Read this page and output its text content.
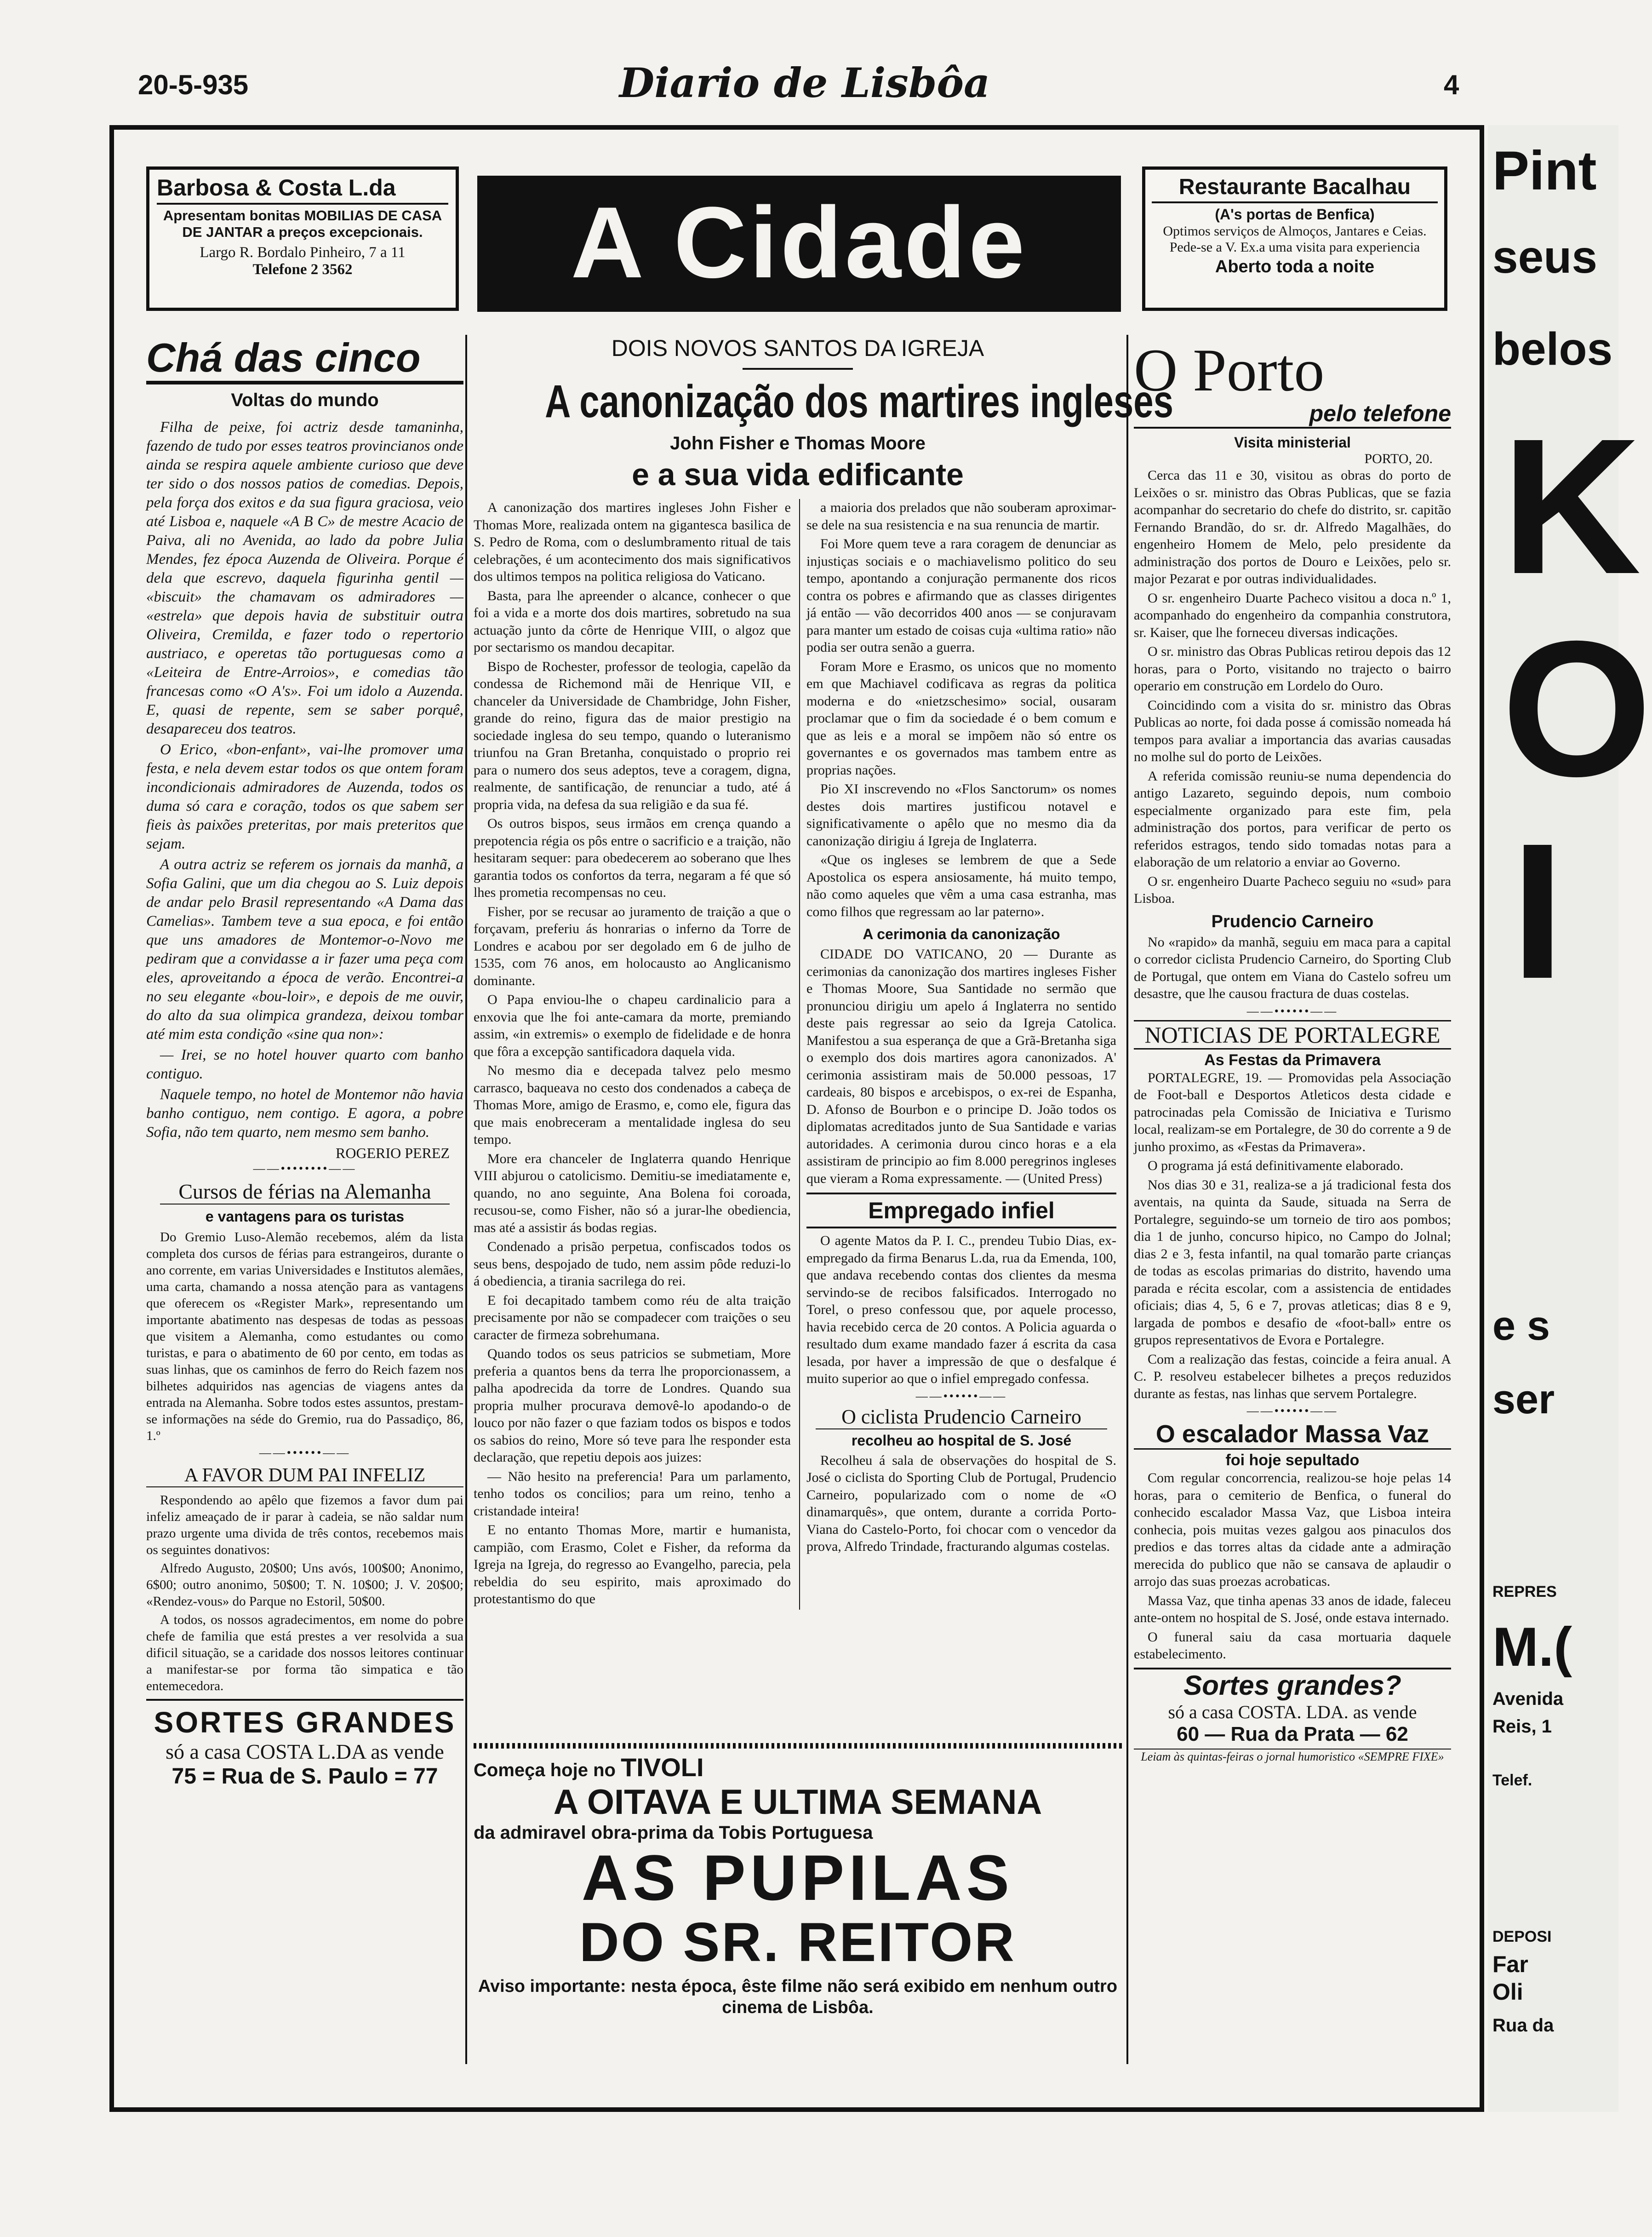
20-5-935	Diario de Lisbôa	4
Barbosa & Costa L.da
Apresentam bonitas MOBILIAS DE CASA DE JANTAR a preços excepcionais.
Largo R. Bordalo Pinheiro, 7 a 11
Telefone 2 3562	A Cidade	Restaurante Bacalhau
(A's portas de Benfica)
Optimos serviços de Almoços, Jantares e Ceias. Pede-se a V. Ex.a uma visita para experiencia
Aberto toda a noite
Chá das cinco
Voltas do mundo

Filha de peixe, foi actriz desde tamaninha, fazendo de tudo por esses teatros provincianos onde ainda se respira aquele ambiente curioso que deve ter sido o dos nossos patios de comedias. Depois, pela força dos exitos e da sua figura graciosa, veio até Lisboa e, naquele «A B C» de mestre Acacio de Paiva, ali no Avenida, ao lado da pobre Julia Mendes, fez época Auzenda de Oliveira. Porque é dela que escrevo, daquela figurinha gentil — «biscuit» the chamavam os admiradores — «estrela» que depois havia de substituir outra Oliveira, Cremilda, e fazer todo o repertorio austriaco, e operetas tão portuguesas como a «Leiteira de Entre-Arroios», e comedias tão francesas como «O A's». Foi um idolo a Auzenda. E, quasi de repente, sem se saber porquê, desapareceu dos teatros.

O Erico, «bon-enfant», vai-lhe promover uma festa, e nela devem estar todos os que ontem foram incondicionais admiradores de Auzenda, todos os duma só cara e coração, todos os que sabem ser fieis às paixões preteritas, por mais preteritos que sejam.

A outra actriz se referem os jornais da manhã, a Sofia Galini, que um dia chegou ao S. Luiz depois de andar pelo Brasil representando «A Dama das Camelias». Tambem teve a sua epoca, e foi então que uns amadores de Montemor-o-Novo me pediram que a convidasse a ir fazer uma peça com eles, aproveitando a época de verão. Encontrei-a no seu elegante «bou-loir», e depois de me ouvir, do alto da sua olimpica grandeza, deixou tombar até mim esta condição «sine qua non»:

— Irei, se no hotel houver quarto com banho contiguo.

Naquele tempo, no hotel de Montemor não havia banho contiguo, nem contigo. E agora, a pobre Sofia, não tem quarto, nem mesmo sem banho.

ROGERIO PEREZ
——••••••••——
Cursos de férias na Alemanha
e vantagens para os turistas

Do Gremio Luso-Alemão recebemos, além da lista completa dos cursos de férias para estrangeiros, durante o ano corrente, em varias Universidades e Institutos alemães, uma carta, chamando a nossa atenção para as vantagens que oferecem os «Register Mark», representando um importante abatimento nas despesas de todas as pessoas que visitem a Alemanha, como estudantes ou como turistas, e para o abatimento de 60 por cento, em todas as suas linhas, que os caminhos de ferro do Reich fazem nos bilhetes adquiridos nas agencias de viagens antes da entrada na Alemanha. Sobre todos estes assuntos, prestam-se informações na séde do Gremio, rua do Passadiço, 86, 1.º

——••••••——
A FAVOR DUM PAI INFELIZ

Respondendo ao apêlo que fizemos a favor dum pai infeliz ameaçado de ir parar à cadeia, se não saldar num prazo urgente uma divida de três contos, recebemos mais os seguintes donativos:

Alfredo Augusto, 20$00; Uns avós, 100$00; Anonimo, 6$00; outro anonimo, 50$00; T. N. 10$00; J. V. 20$00; «Rendez-vous» do Parque no Estoril, 50$00.

A todos, os nossos agradecimentos, em nome do pobre chefe de familia que está prestes a ver resolvida a sua dificil situação, se a caridade dos nossos leitores continuar a manifestar-se por forma tão simpatica e tão entemecedora.

SORTES GRANDES
só a casa COSTA L.DA as vende
75 = Rua de S. Paulo = 77
DOIS NOVOS SANTOS DA IGREJA
A canonização dos martires ingleses
John Fisher e Thomas Moore
e a sua vida edificante

A canonização dos martires ingleses John Fisher e Thomas More, realizada ontem na gigantesca basilica de S. Pedro de Roma, com o deslumbramento ritual de tais celebrações, é um acontecimento dos mais significativos dos ultimos tempos na politica religiosa do Vaticano.

Basta, para lhe apreender o alcance, conhecer o que foi a vida e a morte dos dois martires, sobretudo na sua actuação junto da côrte de Henrique VIII, o algoz que por sectarismo os mandou decapitar.

Bispo de Rochester, professor de teologia, capelão da condessa de Richemond mãi de Henrique VII, e chanceler da Universidade de Chambridge, John Fisher, grande do reino, figura das de maior prestigio na sociedade inglesa do seu tempo, quando o luteranismo triunfou na Gran Bretanha, conquistado o proprio rei para o numero dos seus adeptos, teve a coragem, digna, realmente, de santificação, de renunciar a tudo, até á propria vida, na defesa da sua religião e da sua fé.

Os outros bispos, seus irmãos em crença quando a prepotencia régia os pôs entre o sacrificio e a traição, não hesitaram sequer: para obedecerem ao soberano que lhes garantia todos os confortos da terra, negaram a fé que só lhes prometia recompensas no ceu.

Fisher, por se recusar ao juramento de traição a que o forçavam, preferiu ás honrarias o inferno da Torre de Londres e acabou por ser degolado em 6 de julho de 1535, com 76 anos, em holocausto ao Anglicanismo dominante.

O Papa enviou-lhe o chapeu cardinalicio para a enxovia que lhe foi ante-camara da morte, premiando assim, «in extremis» o exemplo de fidelidade e de honra que fôra a excepção santificadora daquela vida.

No mesmo dia e decepada talvez pelo mesmo carrasco, baqueava no cesto dos condenados a cabeça de Thomas More, amigo de Erasmo, e, como ele, figura das que mais enobreceram a mentalidade inglesa do seu tempo.

More era chanceler de Inglaterra quando Henrique VIII abjurou o catolicismo. Demitiu-se imediatamente e, quando, no ano seguinte, Ana Bolena foi coroada, recusou-se, como Fisher, não só a jurar-lhe obediencia, mas até a assistir ás bodas regias.

Condenado a prisão perpetua, confiscados todos os seus bens, despojado de tudo, nem assim pôde reduzi-lo á obediencia, a tirania sacrilega do rei.

E foi decapitado tambem como réu de alta traição precisamente por não se compadecer com traições o seu caracter de firmeza sobrehumana.

Quando todos os seus patricios se submetiam, More preferia a quantos bens da terra lhe proporcionassem, a palha apodrecida da torre de Londres. Quando sua propria mulher procurava demovê-lo apodando-o de louco por não fazer o que faziam todos os bispos e todos os sabios do reino, More só teve para lhe responder esta declaração, que repetiu depois aos juizes:

— Não hesito na preferencia! Para um parlamento, tenho todos os concilios; para um reino, tenho a cristandade inteira!

E no entanto Thomas More, martir e humanista, campião, com Erasmo, Colet e Fisher, da reforma da Igreja na Igreja, do regresso ao Evangelho, parecia, pela rebeldia do seu espirito, mais aproximado do protestantismo do que

a maioria dos prelados que não souberam aproximar-se dele na sua resistencia e na sua renuncia de martir.

Foi More quem teve a rara coragem de denunciar as injustiças sociais e o machiavelismo politico do seu tempo, apontando a conjuração permanente dos ricos contra os pobres e afirmando que as classes dirigentes já então — vão decorridos 400 anos — se conjuravam para manter um estado de coisas cuja «ultima ratio» não podia ser outra senão a guerra.

Foram More e Erasmo, os unicos que no momento em que Machiavel codificava as regras da politica moderna e do «nietzschesimo» social, ousaram proclamar que o fim da sociedade é o bem comum e que as leis e a moral se impõem não só entre os governantes e os governados mas tambem entre as proprias nações.

Pio XI inscrevendo no «Flos Sanctorum» os nomes destes dois martires justificou notavel e significativamente o apêlo que no mesmo dia da canonização dirigiu á Igreja de Inglaterra.

«Que os ingleses se lembrem de que a Sede Apostolica os espera ansiosamente, há muito tempo, não como aqueles que vêm a uma casa estranha, mas como filhos que regressam ao lar paterno».

A cerimonia da canonização

CIDADE DO VATICANO, 20 — Durante as cerimonias da canonização dos martires ingleses Fisher e Thomas Moore, Sua Santidade no sermão que pronunciou dirigiu um apelo á Inglaterra no sentido deste pais regressar ao seio da Igreja Catolica. Manifestou a sua esperança de que a Grã-Bretanha siga o exemplo dos dois martires agora canonizados. A' cerimonia assistiram mais de 50.000 pessoas, 17 cardeais, 80 bispos e arcebispos, o ex-rei de Espanha, D. Afonso de Bourbon e o principe D. João todos os diplomatas acreditados junto de Sua Santidade e varias autoridades. A cerimonia durou cinco horas e a ela assistiram de principio ao fim 8.000 peregrinos ingleses que vieram a Roma expressamente. — (United Press)

Empregado infiel

O agente Matos da P. I. C., prendeu Tubio Dias, ex-empregado da firma Benarus L.da, rua da Emenda, 100, que andava recebendo contas dos clientes da mesma servindo-se de recibos falsificados. Interrogado no Torel, o preso confessou que, por aquele processo, havia recebido cerca de 20 contos. A Policia aguarda o resultado dum exame mandado fazer á escrita da casa lesada, por haver a impressão de que o desfalque é muito superior ao que o infiel empregado confessa.

——••••••——
O ciclista Prudencio Carneiro
recolheu ao hospital de S. José

Recolheu á sala de observações do hospital de S. José o ciclista do Sporting Club de Portugal, Prudencio Carneiro, popularizado com o nome de «O dinamarquês», que ontem, durante a corrida Porto-Viana do Castelo-Porto, foi chocar com o vencedor da prova, Alfredo Trindade, fracturando algumas costelas.

Começa hoje no TIVOLI
A OITAVA E ULTIMA SEMANA
da admiravel obra-prima da Tobis Portuguesa
AS PUPILAS
DO SR. REITOR
Aviso importante: nesta época, êste filme não será exibido em nenhum outro cinema de Lisbôa.
O Porto
pelo telefone
Visita ministerial
PORTO, 20.

Cerca das 11 e 30, visitou as obras do porto de Leixões o sr. ministro das Obras Publicas, que se fazia acompanhar do secretario do chefe do distrito, sr. capitão Fernando Brandão, do sr. dr. Alfredo Magalhães, do engenheiro Homem de Melo, pelo presidente da administração dos portos de Douro e Leixões, pelo sr. major Pezarat e por outras individualidades.

O sr. engenheiro Duarte Pacheco visitou a doca n.º 1, acompanhado do engenheiro da companhia construtora, sr. Kaiser, que lhe forneceu diversas indicações.

O sr. ministro das Obras Publicas retirou depois das 12 horas, para o Porto, visitando no trajecto o bairro operario em construção em Lordelo do Ouro.

Coincidindo com a visita do sr. ministro das Obras Publicas ao norte, foi dada posse á comissão nomeada há tempos para avaliar a importancia das avarias causadas no molhe sul do porto de Leixões.

A referida comissão reuniu-se numa dependencia do antigo Lazareto, seguindo depois, num comboio especialmente organizado para este fim, pela administração dos portos, para verificar de perto os referidos estragos, tendo sido tomadas notas para a elaboração de um relatorio a enviar ao Governo.

O sr. engenheiro Duarte Pacheco seguiu no «sud» para Lisboa.

Prudencio Carneiro

No «rapido» da manhã, seguiu em maca para a capital o corredor ciclista Prudencio Carneiro, do Sporting Club de Portugal, que ontem em Viana do Castelo sofreu um desastre, que lhe causou fractura de duas costelas.

——••••••——
NOTICIAS DE PORTALEGRE
As Festas da Primavera

PORTALEGRE, 19. — Promovidas pela Associação de Foot-ball e Desportos Atleticos desta cidade e patrocinadas pela Comissão de Iniciativa e Turismo local, realizam-se em Portalegre, de 30 do corrente a 9 de junho proximo, as «Festas da Primavera».

O programa já está definitivamente elaborado.

Nos dias 30 e 31, realiza-se a já tradicional festa dos aventais, na quinta da Saude, situada na Serra de Portalegre, seguindo-se um torneio de tiro aos pombos; dia 1 de junho, concurso hipico, no Campo do Jolnal; dias 2 e 3, festa infantil, na qual tomarão parte crianças de todas as escolas primarias do distrito, havendo uma parada e récita escolar, com a assistencia de entidades oficiais; dias 4, 5, 6 e 7, provas atleticas; dias 8 e 9, largada de pombos e desafio de «foot-ball» entre os grupos representativos de Evora e Portalegre.

Com a realização das festas, coincide a feira anual. A C. P. resolveu estabelecer bilhetes a preços reduzidos durante as festas, nas linhas que servem Portalegre.

——••••••——
O escalador Massa Vaz
foi hoje sepultado

Com regular concorrencia, realizou-se hoje pelas 14 horas, para o cemiterio de Benfica, o funeral do conhecido escalador Massa Vaz, que Lisboa inteira conhecia, pois muitas vezes galgou aos pinaculos dos predios e das torres altas da cidade ante a admiração merecida do publico que não se cansava de aplaudir o arrojo das suas proezas acrobaticas.

Massa Vaz, que tinha apenas 33 anos de idade, faleceu ante-ontem no hospital de S. José, onde estava internado.

O funeral saiu da casa mortuaria daquele estabelecimento.

Sortes grandes?
só a casa COSTA. LDA. as vende
60 — Rua da Prata — 62
Leiam às quintas-feiras o jornal humoristico «SEMPRE FIXE»
Pint
seus
belos
K
O
I
e s
ser
REPRES
M.(
Avenida
Reis, 1
Telef.
DEPOSI
Far
Oli
Rua da
